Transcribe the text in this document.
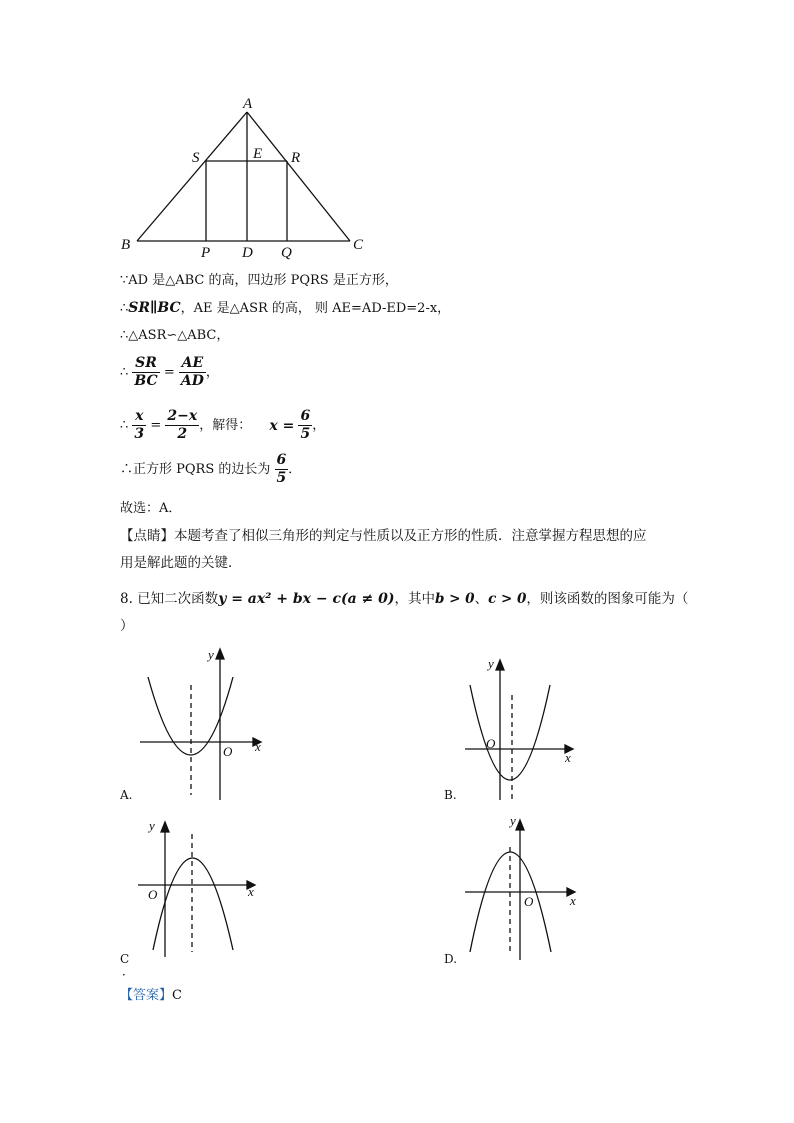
A
S	E R
B	P D Q	C
∵AD 是△ABC 的高，四边形 PQRS 是正方形，
∴SR∥BC，AE 是△ASR 的高， 则 AE=AD-ED=2-x，
∴△ASR∽△ABC，
∴ $\frac{SR}{BC} = \frac{AE}{AD}$ ，
∴ $\frac{x}{3} = \frac{2-x}{2}$ ，解得： $x = \frac{6}{5}$ ，
∴正方形 PQRS 的边长为 $\frac{6}{5}$ ．
故选：A．
【点睛】本题考查了相似三角形的判定与性质以及正方形的性质．注意掌握方程思想的应
用是解此题的关键．
8. 已知二次函数y = ax² + bx − c(a ≠ 0)，其中b > 0、c > 0，则该函数的图象可能为（
）
y
x
O
A.
y
x
O
B.
y
x
O
C
．
y
x
O
D.
【答案】C
